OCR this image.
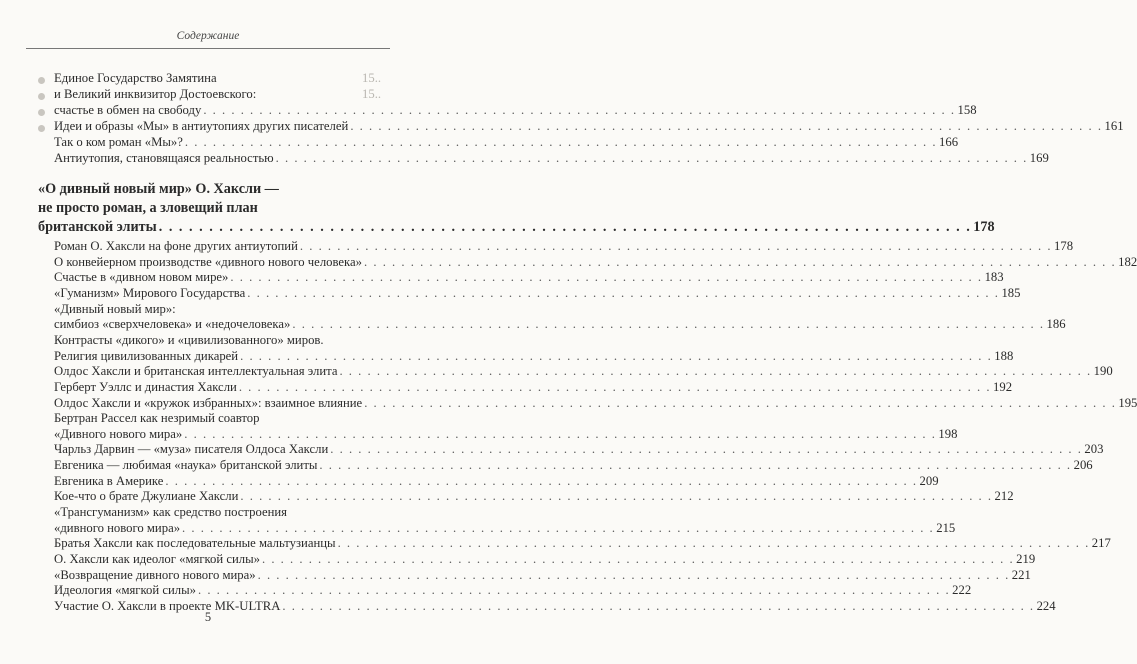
Содержание
Единое Государство Замятина
и Великий инквизитор Достоевского:
счастье в обмен на свободу . . . . . . . . . . . . . . . . . . . . . . . . . . . . . . . . . . . . . . . . . . . . . . . . . . . . . . . . . . . . . . . . . . . . . . . . . . . . . . . . . 158
Идеи и образы «Мы» в антиутопиях других писателей . . . . . . . . . . . . . . . . . . . . . . . . . . . . . . . . . . . . . . . . . . . . . . . . . . . . . . . . . . . . . . . . . . . . . . . . . . . . . . . . . 161
Так о ком роман «Мы»? . . . . . . . . . . . . . . . . . . . . . . . . . . . . . . . . . . . . . . . . . . . . . . . . . . . . . . . . . . . . . . . . . . . . . . . . . . . . . . . . . 166
Антиутопия, становящаяся реальностью . . . . . . . . . . . . . . . . . . . . . . . . . . . . . . . . . . . . . . . . . . . . . . . . . . . . . . . . . . . . . . . . . . . . . . . . . . . . . . . . . 169
15..
15..
«О дивный новый мир» О. Хаксли —
не просто роман, а зловещий план
британской элиты . . . . . . . . . . . . . . . . . . . . . . . . . . . . . . . . . . . . . . . . . . . . . . . . . . . . . . . . . . . . . . . . . . . . . . . . . . . . . . . . . 178
Роман О. Хаксли на фоне других антиутопий . . . . . . . . . . . . . . . . . . . . . . . . . . . . . . . . . . . . . . . . . . . . . . . . . . . . . . . . . . . . . . . . . . . . . . . . . . . . . . . . . 178
О конвейерном производстве «дивного нового человека» . . . . . . . . . . . . . . . . . . . . . . . . . . . . . . . . . . . . . . . . . . . . . . . . . . . . . . . . . . . . . . . . . . . . . . . . . . . . . . . . . 182
Счастье в «дивном новом мире» . . . . . . . . . . . . . . . . . . . . . . . . . . . . . . . . . . . . . . . . . . . . . . . . . . . . . . . . . . . . . . . . . . . . . . . . . . . . . . . . . 183
«Гуманизм» Мирового Государства . . . . . . . . . . . . . . . . . . . . . . . . . . . . . . . . . . . . . . . . . . . . . . . . . . . . . . . . . . . . . . . . . . . . . . . . . . . . . . . . . 185
«Дивный новый мир»:
симбиоз «сверхчеловека» и «недочеловека» . . . . . . . . . . . . . . . . . . . . . . . . . . . . . . . . . . . . . . . . . . . . . . . . . . . . . . . . . . . . . . . . . . . . . . . . . . . . . . . . . 186
Контрасты «дикого» и «цивилизованного» миров.
Религия цивилизованных дикарей . . . . . . . . . . . . . . . . . . . . . . . . . . . . . . . . . . . . . . . . . . . . . . . . . . . . . . . . . . . . . . . . . . . . . . . . . . . . . . . . . 188
Олдос Хаксли и британская интеллектуальная элита . . . . . . . . . . . . . . . . . . . . . . . . . . . . . . . . . . . . . . . . . . . . . . . . . . . . . . . . . . . . . . . . . . . . . . . . . . . . . . . . . 190
Герберт Уэллс и династия Хаксли . . . . . . . . . . . . . . . . . . . . . . . . . . . . . . . . . . . . . . . . . . . . . . . . . . . . . . . . . . . . . . . . . . . . . . . . . . . . . . . . . 192
Олдос Хаксли и «кружок избранных»: взаимное влияние . . . . . . . . . . . . . . . . . . . . . . . . . . . . . . . . . . . . . . . . . . . . . . . . . . . . . . . . . . . . . . . . . . . . . . . . . . . . . . . . . 195
Бертран Рассел как незримый соавтор
«Дивного нового мира» . . . . . . . . . . . . . . . . . . . . . . . . . . . . . . . . . . . . . . . . . . . . . . . . . . . . . . . . . . . . . . . . . . . . . . . . . . . . . . . . . 198
Чарльз Дарвин — «муза» писателя Олдоса Хаксли . . . . . . . . . . . . . . . . . . . . . . . . . . . . . . . . . . . . . . . . . . . . . . . . . . . . . . . . . . . . . . . . . . . . . . . . . . . . . . . . . 203
Евгеника — любимая «наука» британской элиты . . . . . . . . . . . . . . . . . . . . . . . . . . . . . . . . . . . . . . . . . . . . . . . . . . . . . . . . . . . . . . . . . . . . . . . . . . . . . . . . . 206
Евгеника в Америке . . . . . . . . . . . . . . . . . . . . . . . . . . . . . . . . . . . . . . . . . . . . . . . . . . . . . . . . . . . . . . . . . . . . . . . . . . . . . . . . . 209
Кое-что о брате Джулиане Хаксли . . . . . . . . . . . . . . . . . . . . . . . . . . . . . . . . . . . . . . . . . . . . . . . . . . . . . . . . . . . . . . . . . . . . . . . . . . . . . . . . . 212
«Трансгуманизм» как средство построения
«дивного нового мира» . . . . . . . . . . . . . . . . . . . . . . . . . . . . . . . . . . . . . . . . . . . . . . . . . . . . . . . . . . . . . . . . . . . . . . . . . . . . . . . . . 215
Братья Хаксли как последовательные мальтузианцы . . . . . . . . . . . . . . . . . . . . . . . . . . . . . . . . . . . . . . . . . . . . . . . . . . . . . . . . . . . . . . . . . . . . . . . . . . . . . . . . . 217
О. Хаксли как идеолог «мягкой силы» . . . . . . . . . . . . . . . . . . . . . . . . . . . . . . . . . . . . . . . . . . . . . . . . . . . . . . . . . . . . . . . . . . . . . . . . . . . . . . . . . 219
«Возвращение дивного нового мира» . . . . . . . . . . . . . . . . . . . . . . . . . . . . . . . . . . . . . . . . . . . . . . . . . . . . . . . . . . . . . . . . . . . . . . . . . . . . . . . . . 221
Идеология «мягкой силы» . . . . . . . . . . . . . . . . . . . . . . . . . . . . . . . . . . . . . . . . . . . . . . . . . . . . . . . . . . . . . . . . . . . . . . . . . . . . . . . . . 222
Участие О. Хаксли в проекте MK-ULTRA . . . . . . . . . . . . . . . . . . . . . . . . . . . . . . . . . . . . . . . . . . . . . . . . . . . . . . . . . . . . . . . . . . . . . . . . . . . . . . . . . 224
5
